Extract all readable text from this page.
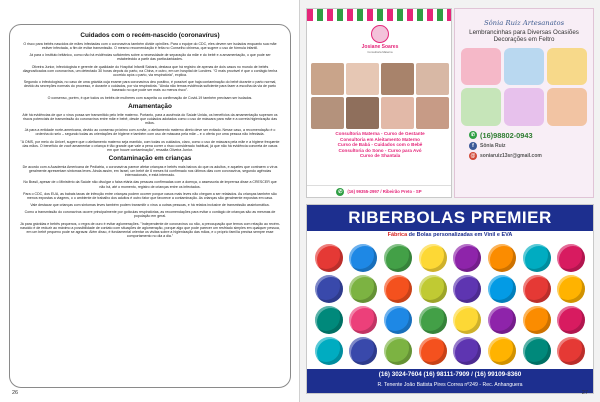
Cuidados com o recém-nascido (coronavírus)

O risco para bebês nascidos de mães infectadas com o coronavírus também divide opiniões. Para o equipe do CDC, eles devem ser isolados enquanto sua mãe estiver infectada, a fim de evitar transmissão. O mesmo recomendação é feita no Conselho chinesa, que sugere o uso de fórmula infantil.

Já para o Instituto britânico, como não há evidências suficientes sobre a necessidade de separação da mãe e do bebê e a amamentação, o que pode ser estabelecido a partir das particularidades.

Oliveira Junior, infectologista e gerente de qualidade do Hospital Infantil Sabará, destaca que há registro de apenas de dois casos no mundo de bebês diagnosticados com coronavírus, um detectado 30 horas depois do parto, na China, e outro, em um hospital de Londres. "O mais provável é que o contágio tenha ocorrido após o parto, via respiratória", explica.

Segundo o infectologista, no caso de uma grávida cuja exame para coronavírus deu positivo, é possível que haja contaminação do bebê durante o parto normal, devido às secreções normais do processo, e durante o cuidados, por via respiratória. "Ainda não temas evidência suficiente para fazer a escolha da via de parto baseado no que pode ser mais ou menos risco".

O consenso, porém, é que todos os bebês de mulheres com suspeita ou confirmação de Covid-19 também precisam ser isolados.

Amamentação

Até há evidências de que o vírus possa ser transmitido pelo leite materno. Portanto, para a ausência do Saúde Unida, os benefícios da amamentação superam os riscos potenciais de transmissão do coronavírus entre mãe e bebê, desde que cuidados adotados como o uso de máscara para mãe e a correta higienização das mãos.

Já para a entidade norte-americana, devido ao consenso próximo com a mãe, o aleitamento materno direto deve ser evitado. Nesse caso, a recomendação é o ordenha do seio – segundo todas as orientações de higiene e também com uso de máscara pela mãe – e o oferta por uma pessoa não infectada.

"A OMS, por meio do Unicef, sugere que o aleitamento materno seja mantido, com todas os cuidados, claro, como o uso de máscara pela mãe e a higiene frequente das mãos. O benefício de você amamentar o criança é tão grande que vale a pena correr o risco considerado habitual, já que não há evidência concreta de casos em que houve contaminação", ressalta Oliveira Junior.

Contaminação em crianças

De acordo com a Academia Americana de Pediatria, o coronavírus parece afetar crianças e bebês mais baixos do que os adultos, e aqueles que contraem o vírus geralmente apresentam sintomas leves. Ainda assim, em Israel, um bebê de 6 meses foi confirmado nos últimos dias com coronavírus, segundo agências internacionais, e está internado.

No Brasil, apesar de o Ministério da Saúde não divulgar o faixa etária das pessoas confirmadas com a doença, o assessoria de imprensa disse a CRESCER que não há, até o momento, registro de crianças entre os infectados.

Para o CDC, dos EUA, as babais taxas de infecção entre crianças podem ocorrer porque casos mais leves não chegam a ser relatados. As crianças também são menos expostas a viagens, o o ambiente de trabalho dos adultos é outro fator que favorece a contaminação. As crianças são geralmente expostas em casa.

Vale destacar que crianças com sintomas leves também podem transmitir o vírus a outras pessoas, e há relatos inclusive de transmissão assintomática.

Como a transmissão do coronavírus ocorre principalmente por gotículas respiratórias, as recomendações para evitar o contágio de crianças são as mesmas de população em geral.

Já para grávidas e bebês pequenos, o regra de ouro é evitar aglomerações. "Independente de coronavírus ou não, a preocupação que temos com relação ao recém-nascido é de reduzir ao máximo a possibilidade de contato com situações de aglomeração, porque algo que pode parecer um resfriado simples em qualquer pessoa, em um bebê pequeno pode se agravar. Além disso, é fundamental orientar os visitas sobre a higienização das mãos, e o próprio família precisa sempre esse comportamento no dia a dia."

26
Josiane Soares
Consultoria Materna
Consultoria Materna - Curso de Gestante
Consultoria em Aleitamento Materno
Curso de Babá - Cuidados com o Bebê
Consultoria do Sono - Curso para Avó
Curso de Shantala
✆	(16) 99355-2997 / Ribeirão Preto - SP
Sônia Ruiz Artesanatos
Lembrancinhas para Diversas Ocasiões
Decorações em Feltro
✆ (16)98802-0943
f	Sônia Ruiz
@ soniaruiz13sr@gmail.com
RIBERBOLAS PREMIER
Fábrica de Bolas personalizadas em Vinil e EVA
(16) 3024-7604 (16) 98111-7909 / (16) 99109-8360
R. Tenente João Batista Pires Correa nº249 - Rec. Anhanguera
27
